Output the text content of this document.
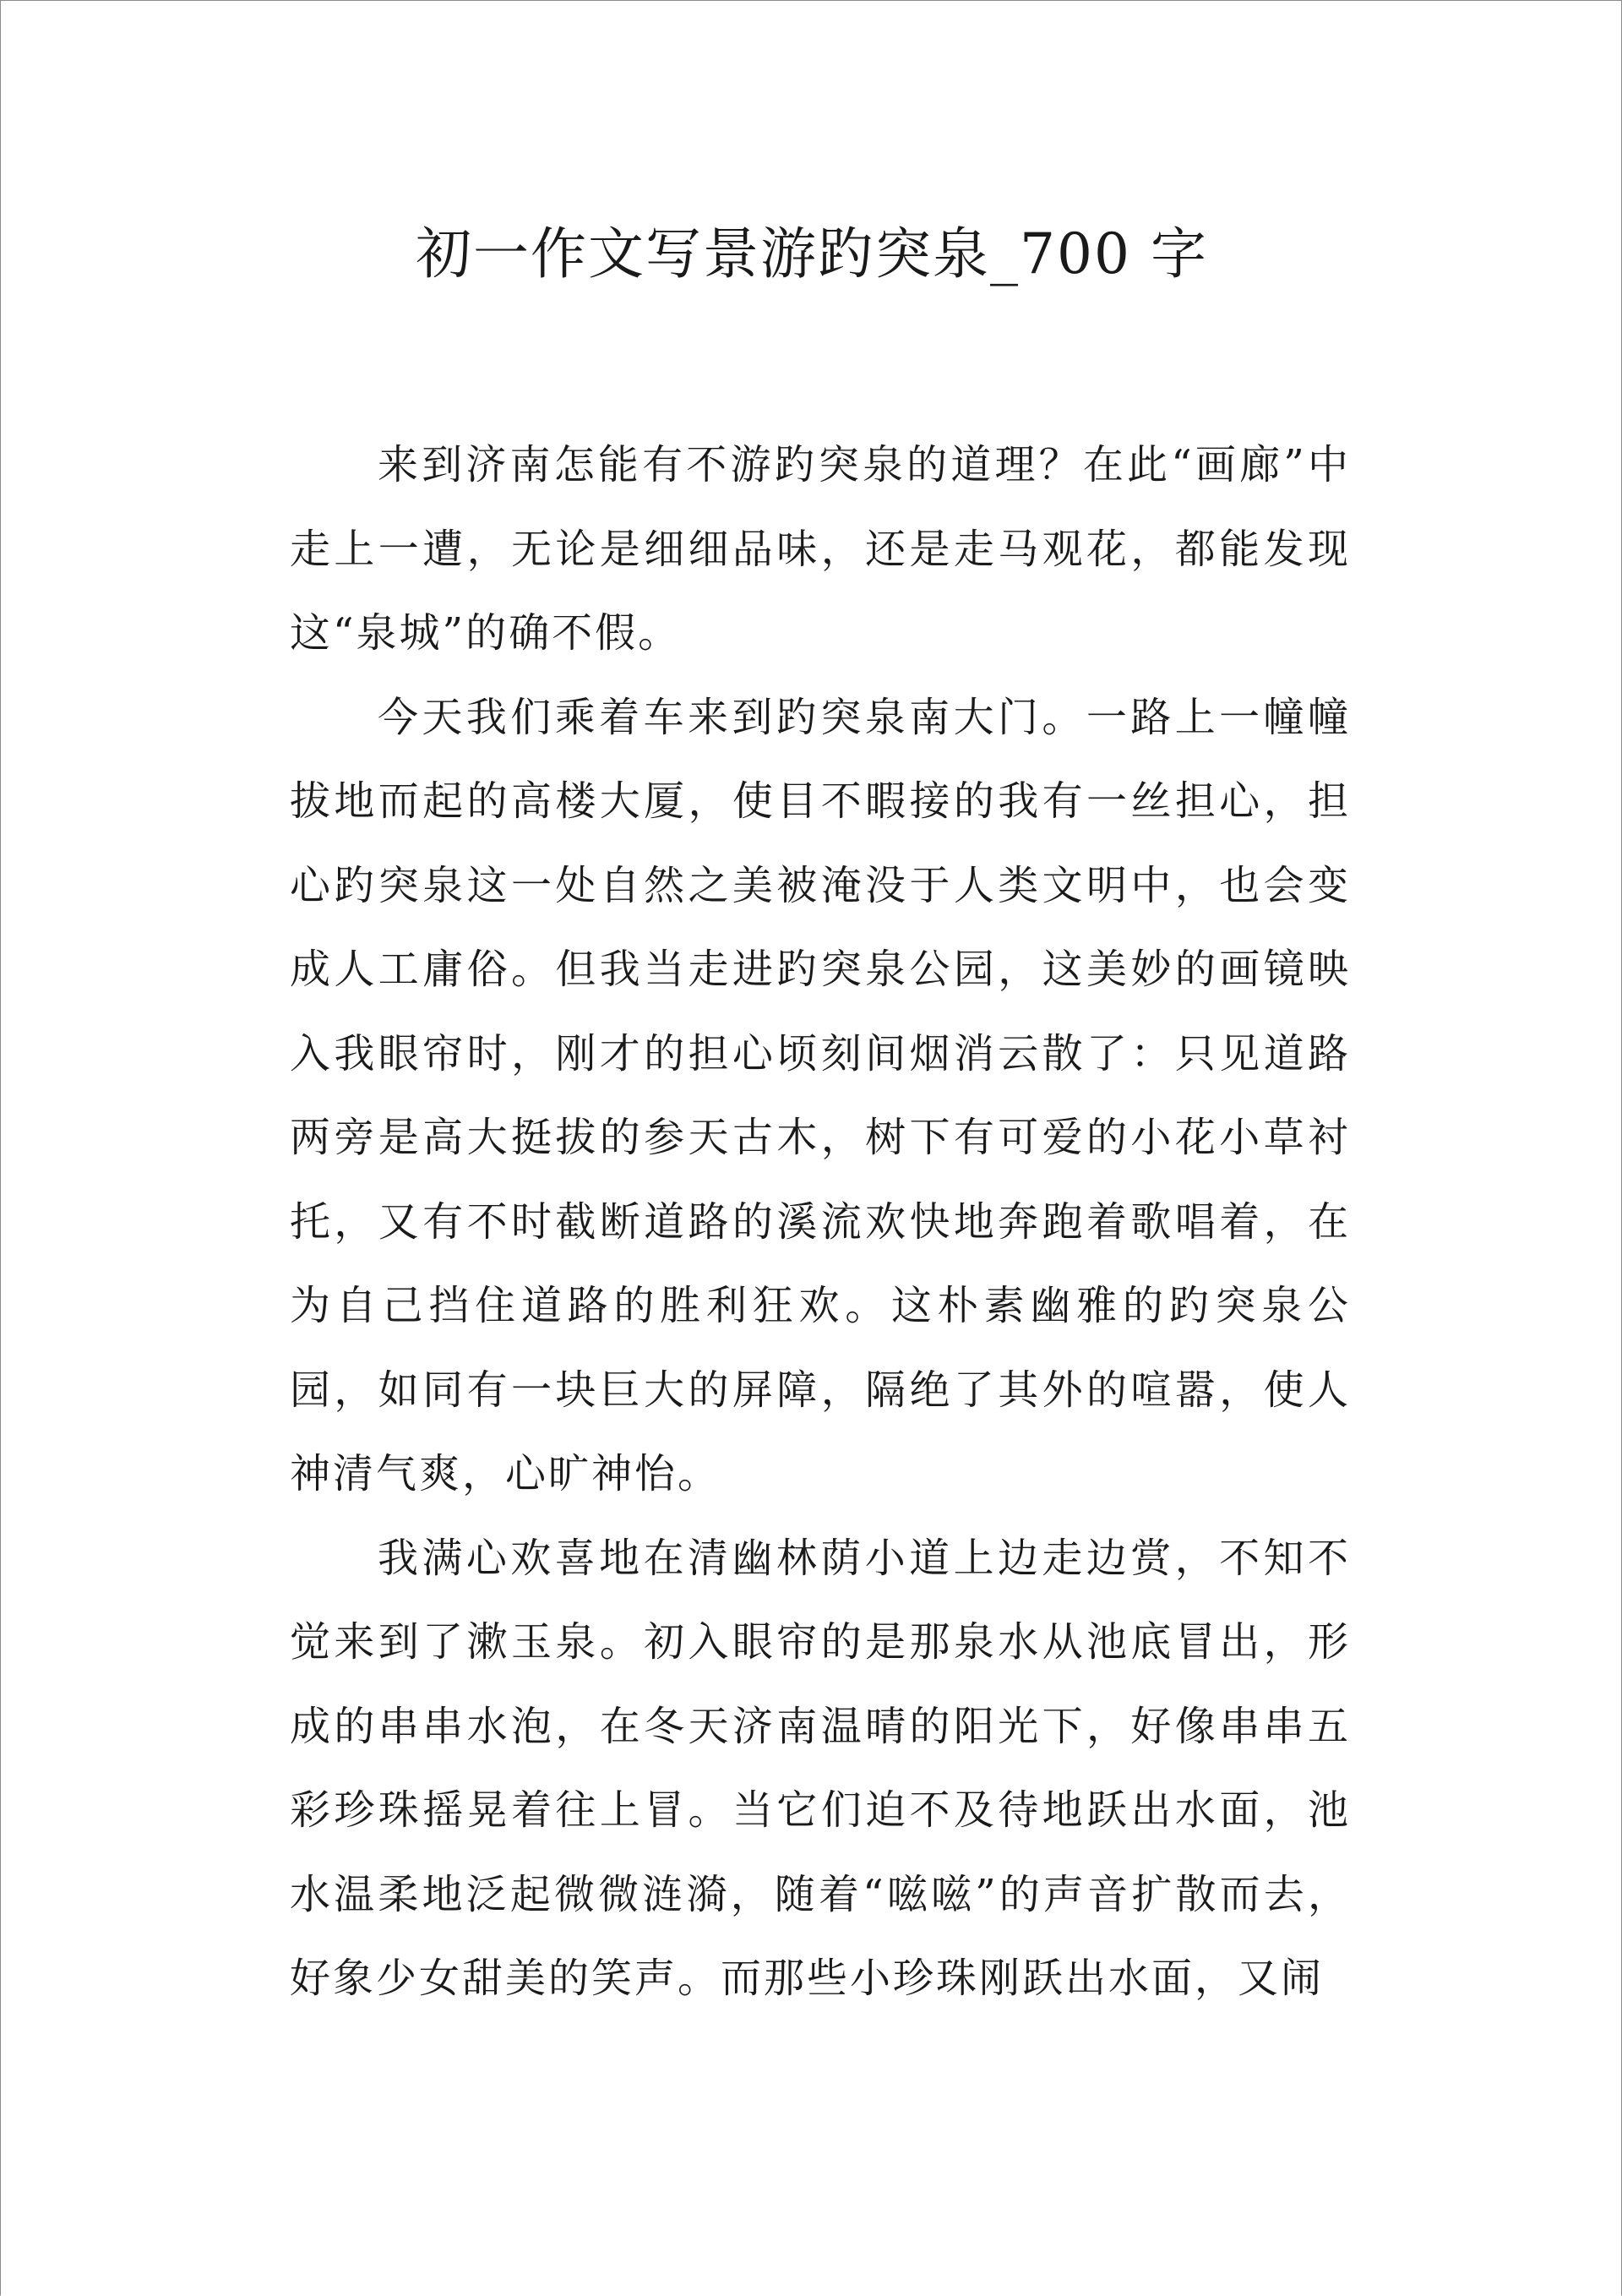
初一作文写景游趵突泉_700 字

来到济南怎能有不游趵突泉的道理？在此“画廊”中走上一遭，无论是细细品味，还是走马观花，都能发现这“泉城”的确不假。

今天我们乘着车来到趵突泉南大门。一路上一幢幢拔地而起的高楼大厦，使目不暇接的我有一丝担心，担心趵突泉这一处自然之美被淹没于人类文明中，也会变成人工庸俗。但我当走进趵突泉公园，这美妙的画镜映入我眼帘时，刚才的担心顷刻间烟消云散了：只见道路两旁是高大挺拔的参天古木，树下有可爱的小花小草衬托，又有不时截断道路的溪流欢快地奔跑着歌唱着，在为自己挡住道路的胜利狂欢。这朴素幽雅的趵突泉公园，如同有一块巨大的屏障，隔绝了其外的喧嚣，使人神清气爽，心旷神怡。

我满心欢喜地在清幽林荫小道上边走边赏，不知不觉来到了漱玉泉。初入眼帘的是那泉水从池底冒出，形成的串串水泡，在冬天济南温晴的阳光下，好像串串五彩珍珠摇晃着往上冒。当它们迫不及待地跃出水面，池水温柔地泛起微微涟漪，随着“嗞嗞”的声音扩散而去，好象少女甜美的笑声。而那些小珍珠刚跃出水面，又闹
